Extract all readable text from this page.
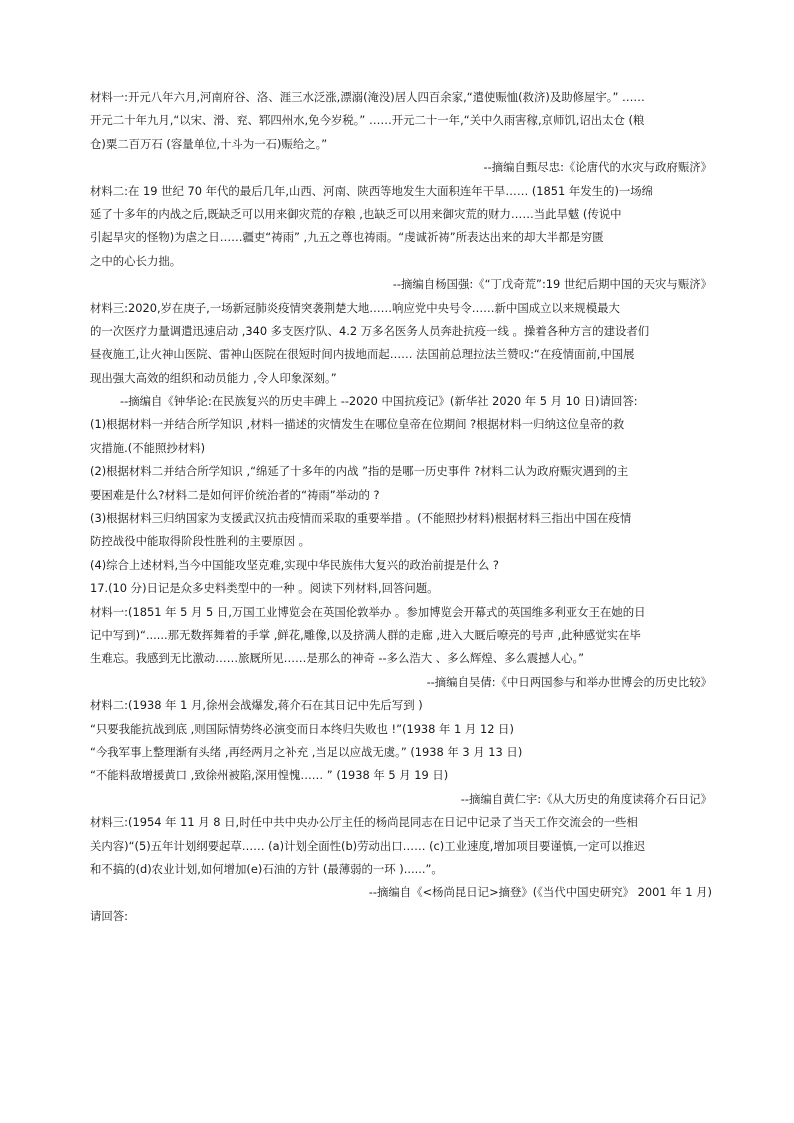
材料一:开元八年六月,河南府谷、洛、涯三水泛涨,漂溺(淹没)居人四百余家,“遣使赈恤(救济)及助修屋宇。” ……

开元二十年九月,“以宋、滑、兖、郓四州水,免今岁税。” ……开元二十一年,“关中久雨害稼,京师饥,诏出太仓 (粮

仓)粟二百万石 (容量单位,十斗为一石)赈给之。”

--摘编自甄尽忠:《论唐代的水灾与政府赈济》

材料二:在 19 世纪 70 年代的最后几年,山西、河南、陕西等地发生大面积连年干旱…… (1851 年发生的)一场绵

延了十多年的内战之后,既缺乏可以用来御灾荒的存粮 ,也缺乏可以用来御灾荒的财力……当此旱魃 (传说中

引起旱灾的怪物)为虐之日……疆吏“祷雨” ,九五之尊也祷雨。“虔诚祈祷”所表达出来的却大半都是穷匮

之中的心长力拙。

--摘编自杨国强:《“丁戊奇荒”:19 世纪后期中国的天灾与赈济》

材料三:2020,岁在庚子,一场新冠肺炎疫情突袭荆楚大地……响应党中央号令……新中国成立以来规模最大

的一次医疗力量调遣迅速启动 ,340 多支医疗队、4.2 万多名医务人员奔赴抗疫一线 。操着各种方言的建设者们

昼夜施工,让火神山医院、雷神山医院在很短时间内拔地而起…… 法国前总理拉法兰赞叹:“在疫情面前,中国展

现出强大高效的组织和动员能力 ,令人印象深刻。”

--摘编自《钟华论:在民族复兴的历史丰碑上 --2020 中国抗疫记》(新华社 2020 年 5 月 10 日)请回答:

(1)根据材料一并结合所学知识 ,材料一描述的灾情发生在哪位皇帝在位期间 ?根据材料一归纳这位皇帝的救

灾措施.(不能照抄材料)

(2)根据材料二并结合所学知识 ,“绵延了十多年的内战 ”指的是哪一历史事件 ?材料二认为政府赈灾遇到的主

要困难是什么?材料二是如何评价统治者的“祷雨”举动的 ?

(3)根据材料三归纳国家为支援武汉抗击疫情而采取的重要举措 。(不能照抄材料)根据材料三指出中国在疫情

防控战役中能取得阶段性胜利的主要原因 。

(4)综合上述材料,当今中国能攻坚克难,实现中华民族伟大复兴的政治前提是什么 ?

17.(10 分)日记是众多史料类型中的一种 。阅读下列材料,回答问题。

材料一:(1851 年 5 月 5 日,万国工业博览会在英国伦敦举办 。参加博览会开幕式的英国维多利亚女王在她的日

记中写到)“......那无数挥舞着的手掌 ,鲜花,雕像,以及挤满人群的走廊 ,进入大厩后嘹亮的号声 ,此种感觉实在毕

生难忘。我感到无比激动……旅厩所见……是那么的神奇 --多么浩大 、多么辉煌、多么震撼人心。”

--摘编自吴倩:《中日两国参与和举办世博会的历史比较》

材料二:(1938 年 1 月,徐州会战爆发,蒋介石在其日记中先后写到 )

“只要我能抗战到底 ,则国际情势终必演变而日本终归失败也 !”(1938 年 1 月 12 日)

“今我军事上整理渐有头绪 ,再经两月之补充 ,当足以应战无虞。” (1938 年 3 月 13 日)

“不能料敌增援黄口 ,致徐州被陷,深用惶愧…… ” (1938 年 5 月 19 日)

--摘编自黄仁宇:《从大历史的角度读蒋介石日记》

材料三:(1954 年 11 月 8 日,时任中共中央办公厅主任的杨尚昆同志在日记中记录了当天工作交流会的一些相

关内容)“(5)五年计划纲要起草…… (a)计划全面性(b)劳动出口…… (c)工业速度,增加项目要谨慎,一定可以推迟

和不搞的(d)农业计划,如何增加(e)石油的方针 (最薄弱的一环 )......”。

--摘编自《<杨尚昆日记>摘登》(《当代中国史研究》 2001 年 1 月)

请回答:
